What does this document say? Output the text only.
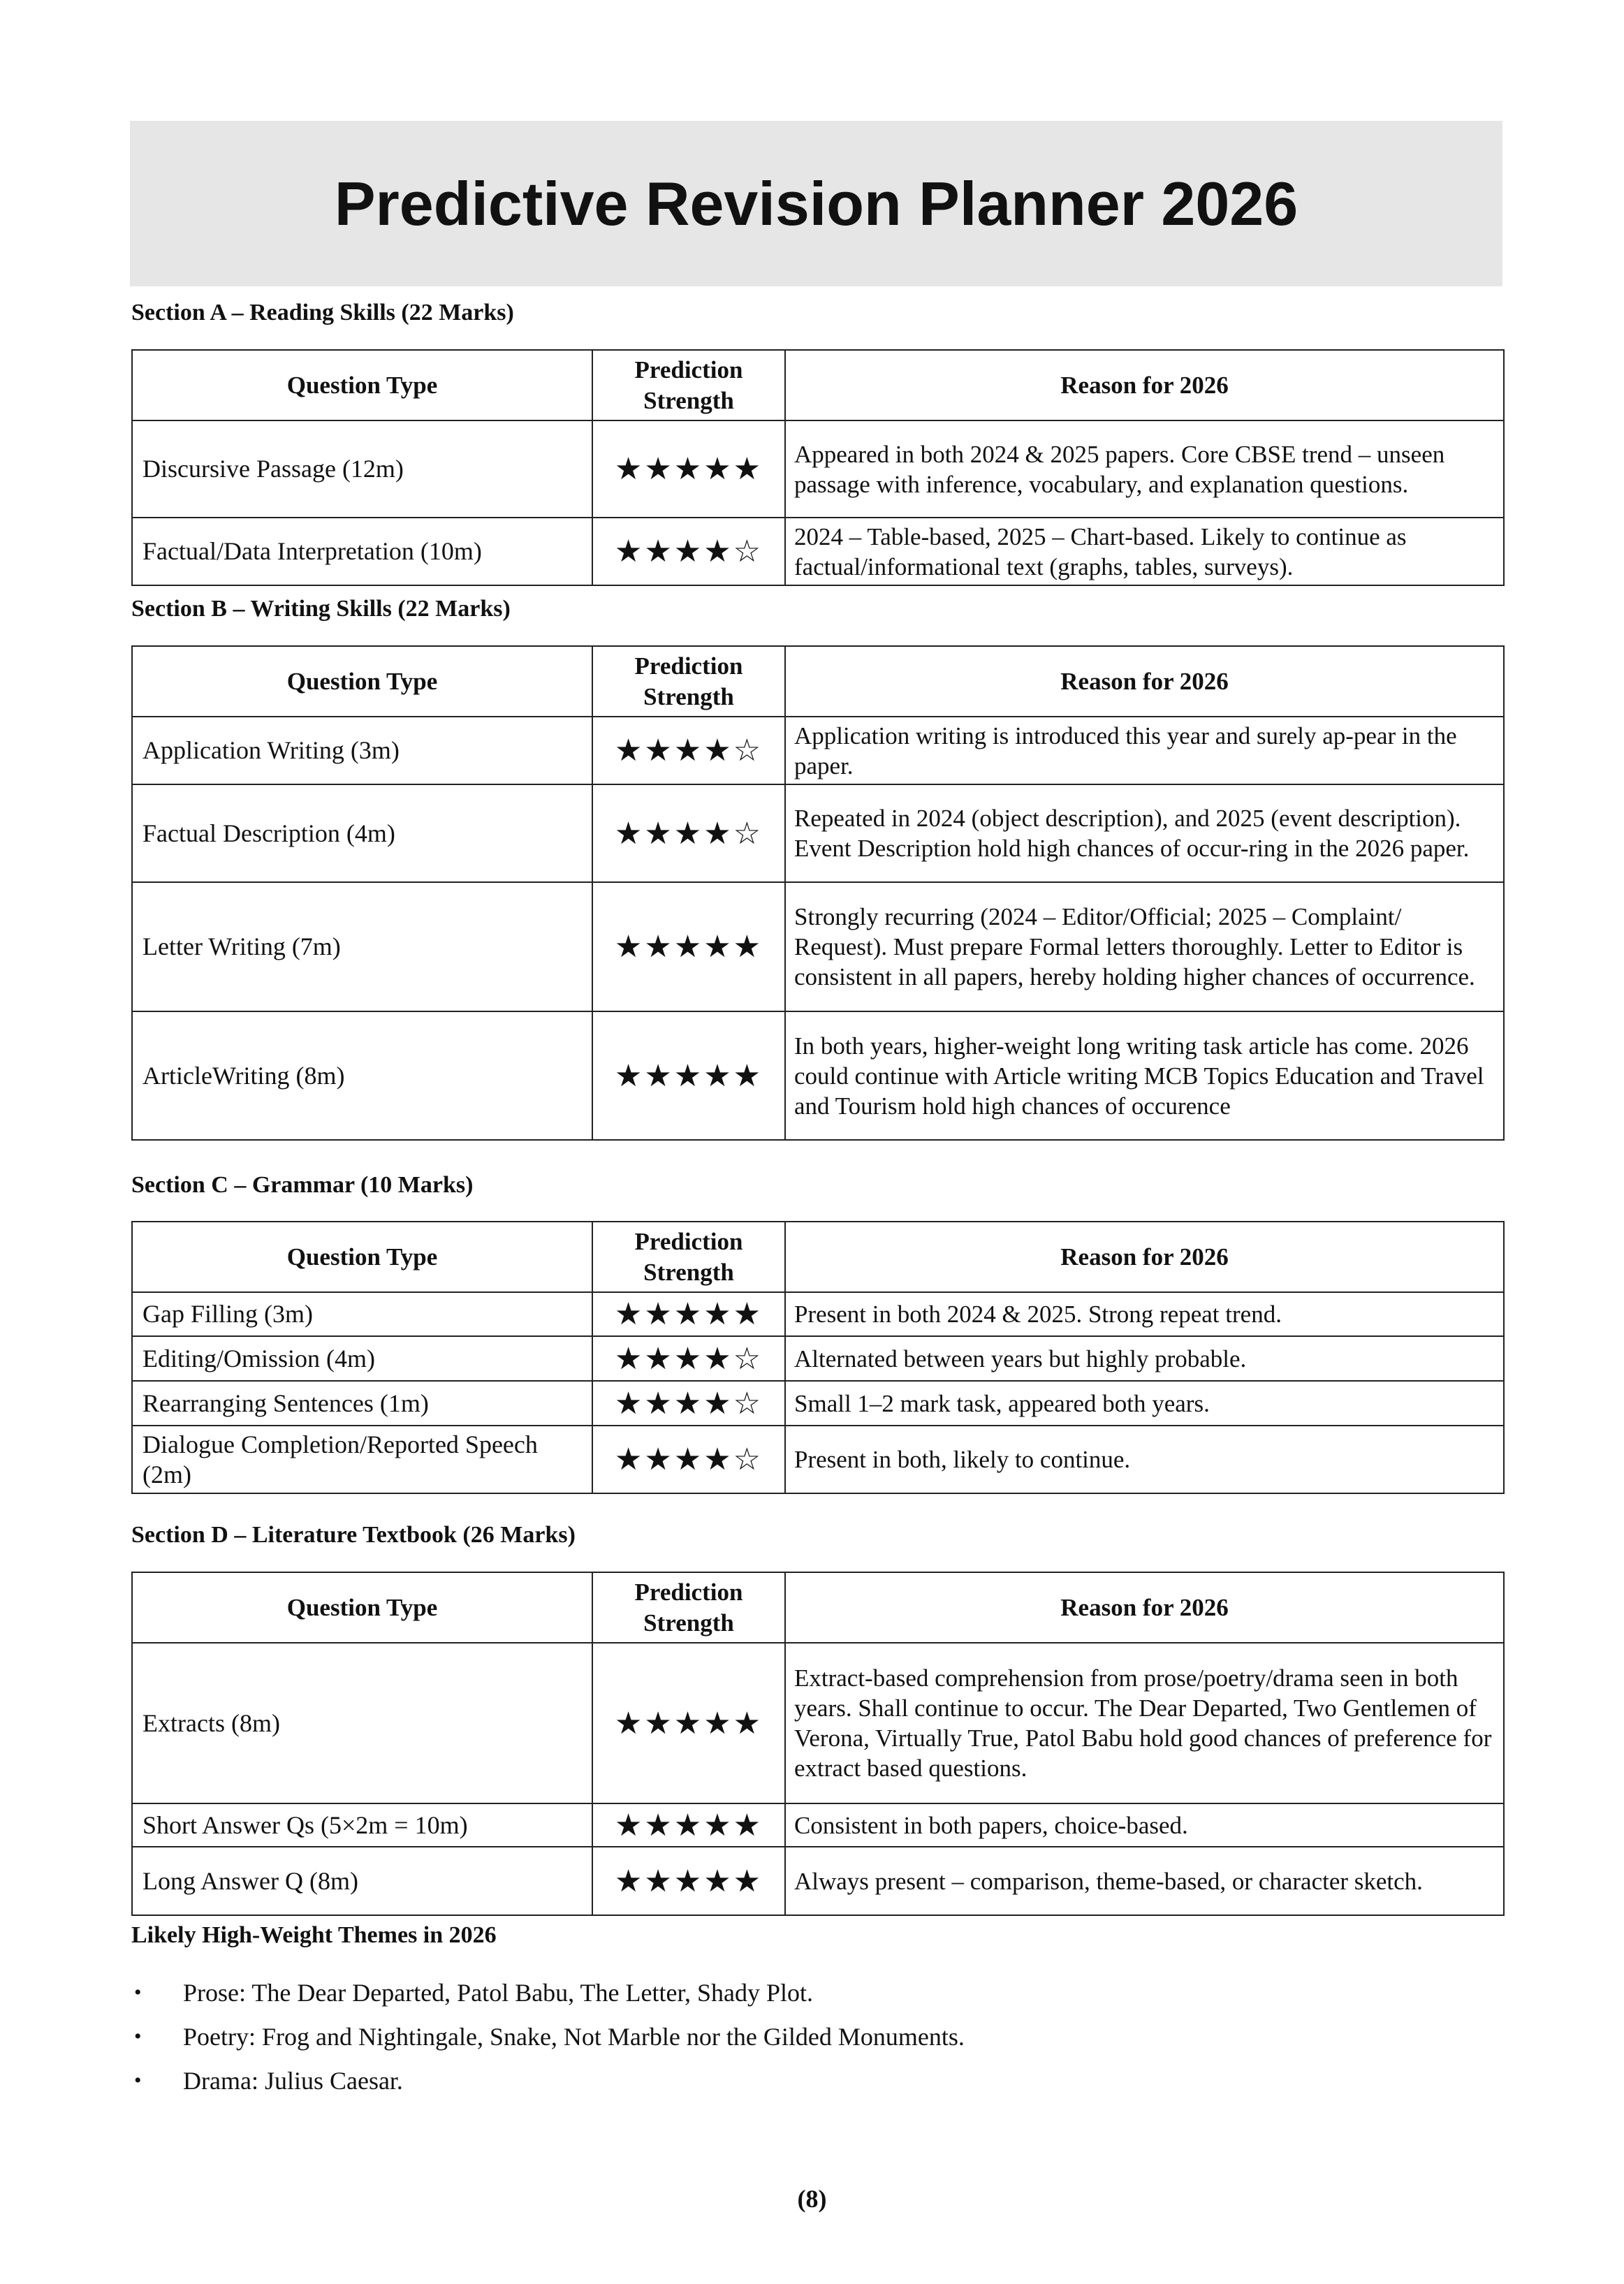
Predictive Revision Planner 2026
Section A – Reading Skills (22 Marks)
Question Type	Prediction Strength	Reason for 2026
Discursive Passage (12m)	★★★★★	Appeared in both 2024 & 2025 papers. Core CBSE trend – unseen passage with inference, vocabulary, and explanation questions.
Factual/Data Interpretation (10m)	★★★★☆	2024 – Table-based, 2025 – Chart-based. Likely to continue as factual/informational text (graphs, tables, surveys).
Section B – Writing Skills (22 Marks)
Question Type	Prediction Strength	Reason for 2026
Application Writing (3m)	★★★★☆	Application writing is introduced this year and surely ap-pear in the paper.
Factual Description (4m)	★★★★☆	Repeated in 2024 (object description), and 2025 (event description). Event Description hold high chances of occur-ring in the 2026 paper.
Letter Writing (7m)	★★★★★	Strongly recurring (2024 – Editor/Official; 2025 – Complaint/ Request). Must prepare Formal letters thoroughly. Letter to Editor is consistent in all papers, hereby holding higher chances of occurrence.
ArticleWriting (8m)	★★★★★	In both years, higher-weight long writing task article has come. 2026 could continue with Article writing MCB Topics Education and Travel and Tourism hold high chances of occurence
Section C – Grammar (10 Marks)
Question Type	Prediction Strength	Reason for 2026
Gap Filling (3m)	★★★★★	Present in both 2024 & 2025. Strong repeat trend.
Editing/Omission (4m)	★★★★☆	Alternated between years but highly probable.
Rearranging Sentences (1m)	★★★★☆	Small 1–2 mark task, appeared both years.
Dialogue Completion/Reported Speech (2m)	★★★★☆	Present in both, likely to continue.
Section D – Literature Textbook (26 Marks)
Question Type	Prediction Strength	Reason for 2026
Extracts (8m)	★★★★★	Extract-based comprehension from prose/poetry/drama seen in both years. Shall continue to occur. The Dear Departed, Two Gentlemen of Verona, Virtually True, Patol Babu hold good chances of preference for extract based questions.
Short Answer Qs (5×2m = 10m)	★★★★★	Consistent in both papers, choice-based.
Long Answer Q (8m)	★★★★★	Always present – comparison, theme-based, or character sketch.
Likely High-Weight Themes in 2026
• Prose: The Dear Departed, Patol Babu, The Letter, Shady Plot.
• Poetry: Frog and Nightingale, Snake, Not Marble nor the Gilded Monuments.
• Drama: Julius Caesar.
(8)
